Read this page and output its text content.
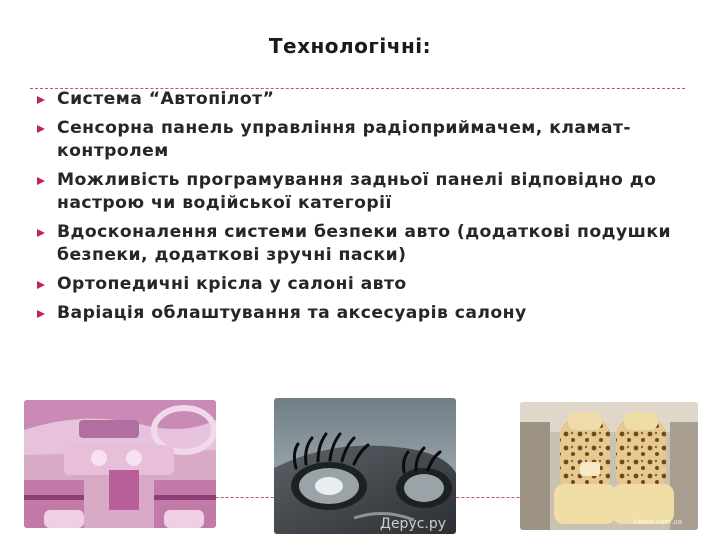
Технологічні:
Система “Автопілот”
Сенсорна панель управління радіоприймачем, кламат-контролем
Можливість програмування задньої панелі відповідно до настрою чи водійської категорії
Вдосконалення системи безпеки авто (додаткові подушки безпеки, додаткові зручні паски)
Ортопедичні крісла у салоні авто
Варіація облаштування та аксесуарів салону
Дерус.ру	taneo.com.ua
